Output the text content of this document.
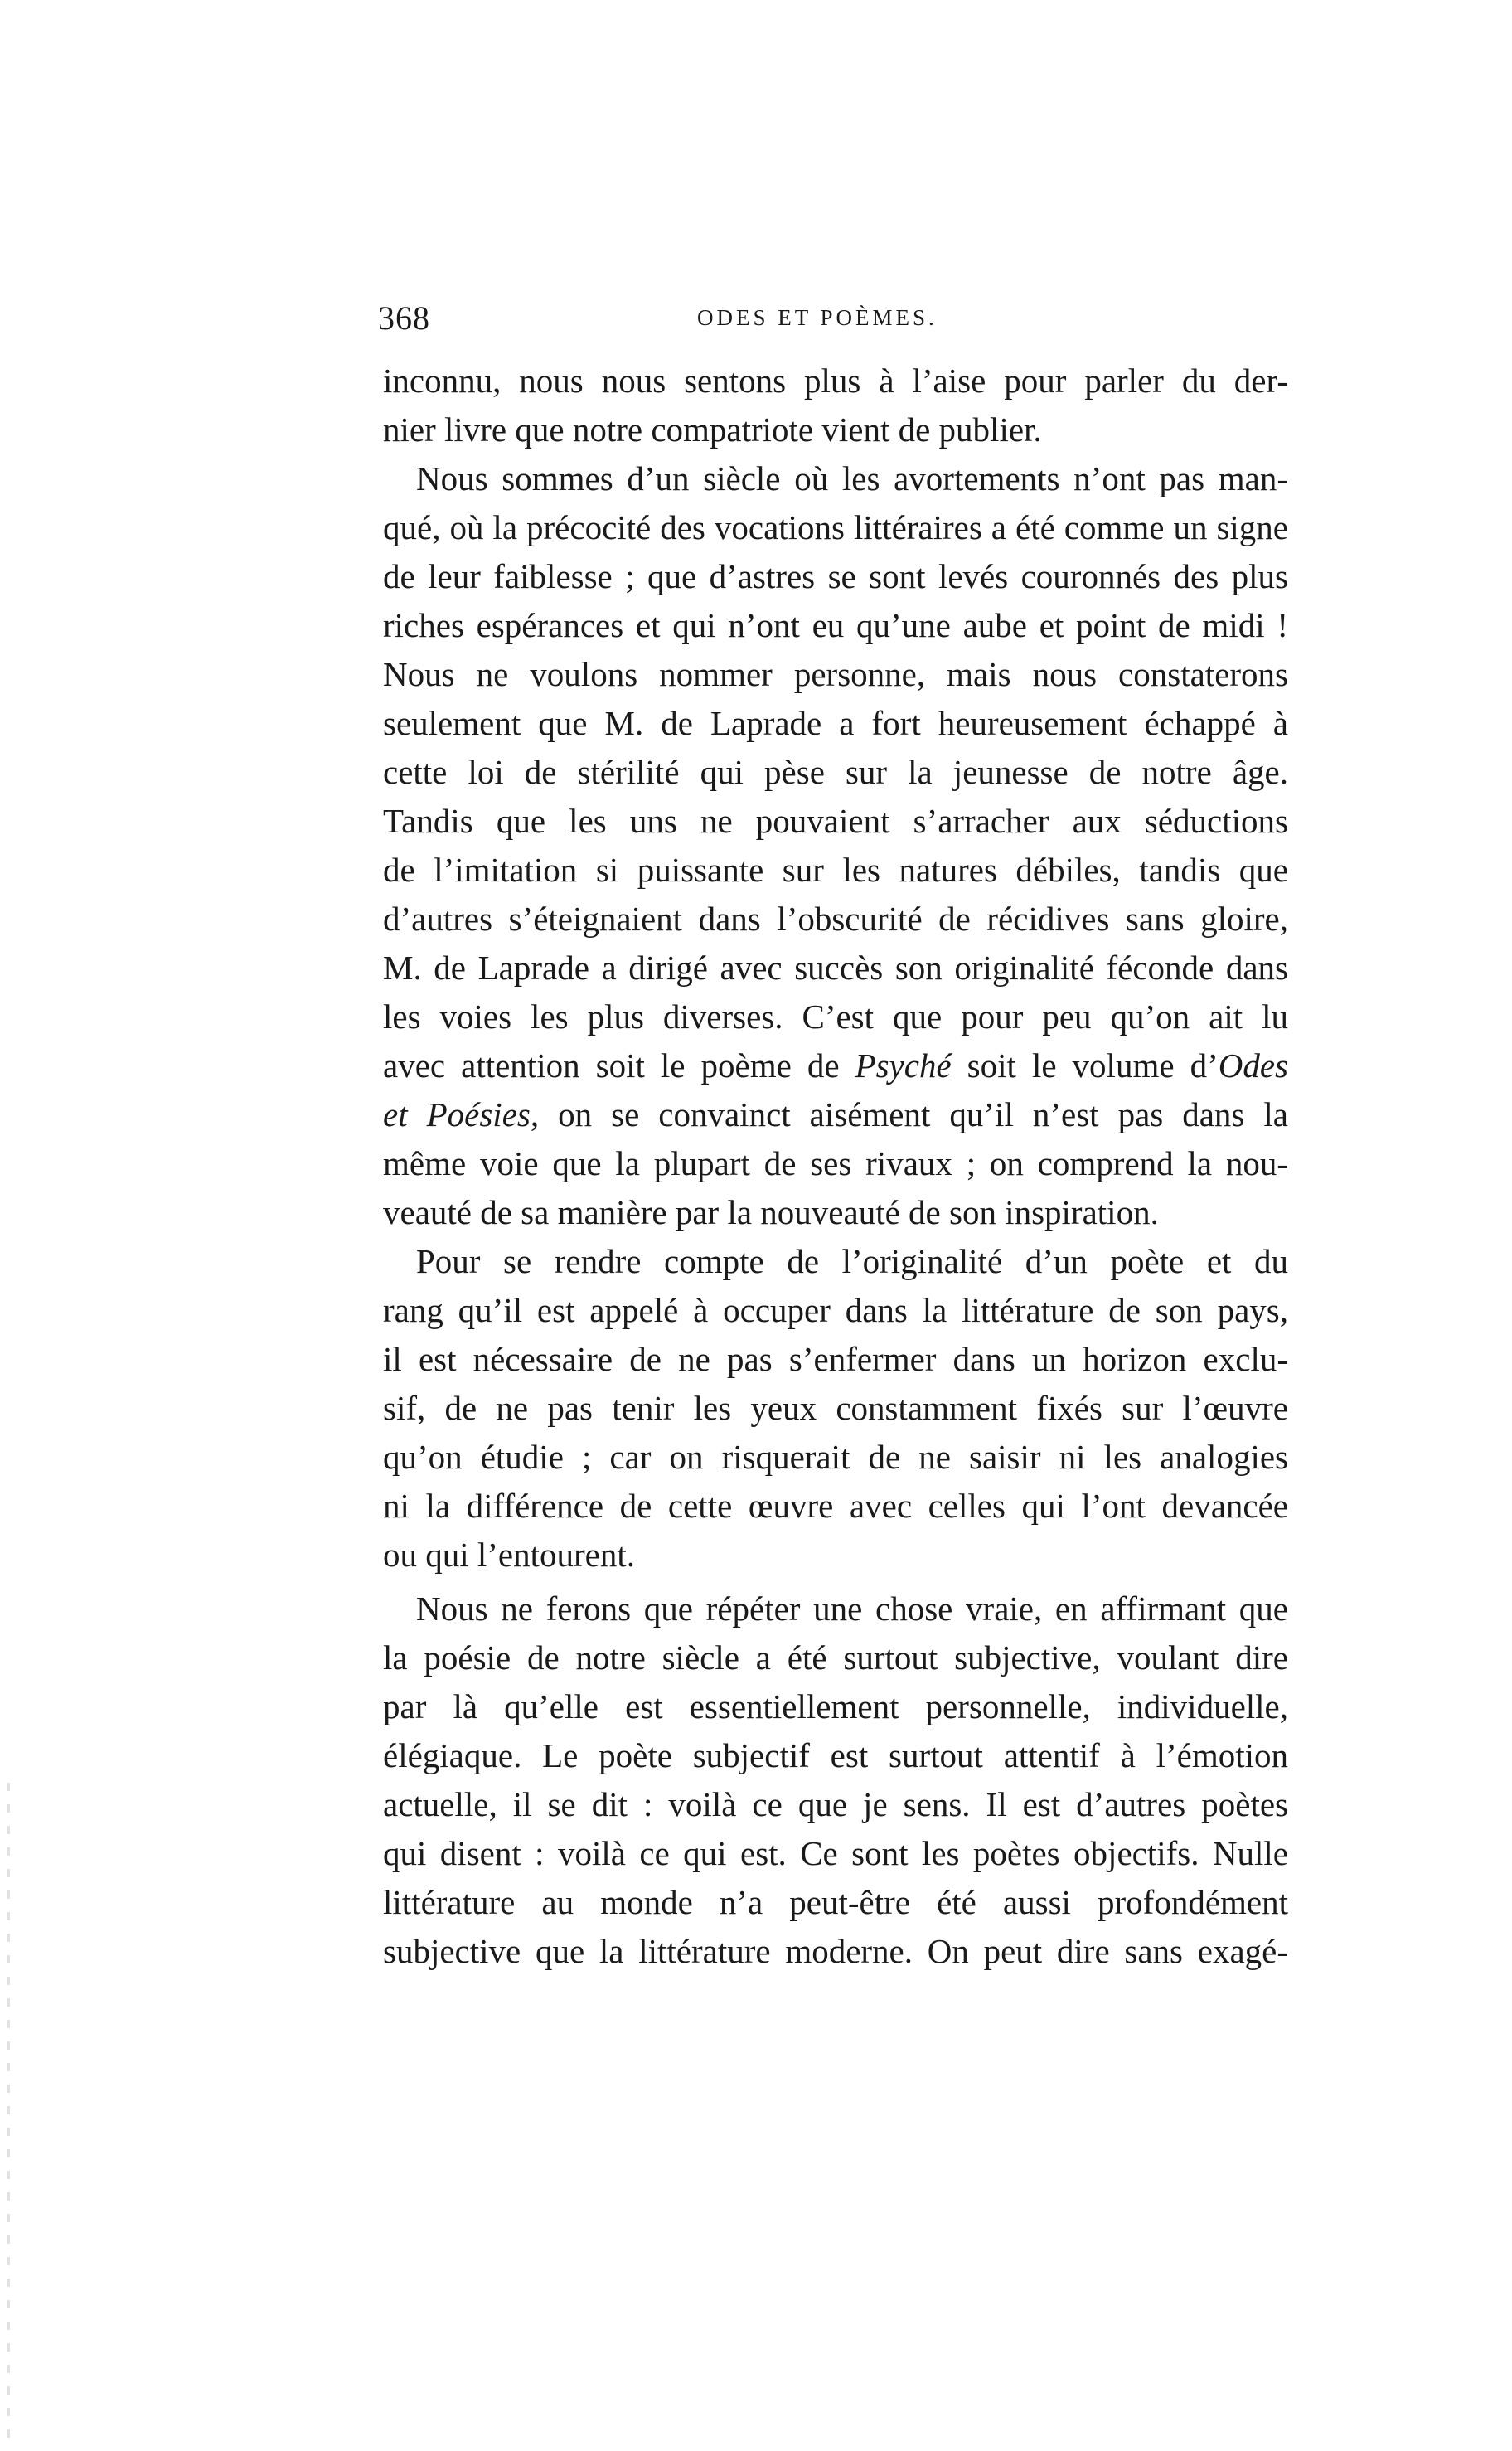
368	ODES ET POÈMES.
inconnu, nous nous sentons plus à l’aise pour parler du der-
nier livre que notre compatriote vient de publier.
Nous sommes d’un siècle où les avortements n’ont pas man-
qué, où la précocité des vocations littéraires a été comme un signe
de leur faiblesse ; que d’astres se sont levés couronnés des plus
riches espérances et qui n’ont eu qu’une aube et point de midi !
Nous ne voulons nommer personne, mais nous constaterons
seulement que M. de Laprade a fort heureusement échappé à
cette loi de stérilité qui pèse sur la jeunesse de notre âge.
Tandis que les uns ne pouvaient s’arracher aux séductions
de l’imitation si puissante sur les natures débiles, tandis que
d’autres s’éteignaient dans l’obscurité de récidives sans gloire,
M. de Laprade a dirigé avec succès son originalité féconde dans
les voies les plus diverses. C’est que pour peu qu’on ait lu
avec attention soit le poème de Psyché soit le volume d’Odes
et Poésies, on se convainct aisément qu’il n’est pas dans la
même voie que la plupart de ses rivaux ; on comprend la nou-
veauté de sa manière par la nouveauté de son inspiration.
Pour se rendre compte de l’originalité d’un poète et du
rang qu’il est appelé à occuper dans la littérature de son pays,
il est nécessaire de ne pas s’enfermer dans un horizon exclu-
sif, de ne pas tenir les yeux constamment fixés sur l’œuvre
qu’on étudie ; car on risquerait de ne saisir ni les analogies
ni la différence de cette œuvre avec celles qui l’ont devancée
ou qui l’entourent.
Nous ne ferons que répéter une chose vraie, en affirmant que
la poésie de notre siècle a été surtout subjective, voulant dire
par là qu’elle est essentiellement personnelle, individuelle,
élégiaque. Le poète subjectif est surtout attentif à l’émotion
actuelle, il se dit : voilà ce que je sens. Il est d’autres poètes
qui disent : voilà ce qui est. Ce sont les poètes objectifs. Nulle
littérature au monde n’a peut-être été aussi profondément
subjective que la littérature moderne. On peut dire sans exagé-
